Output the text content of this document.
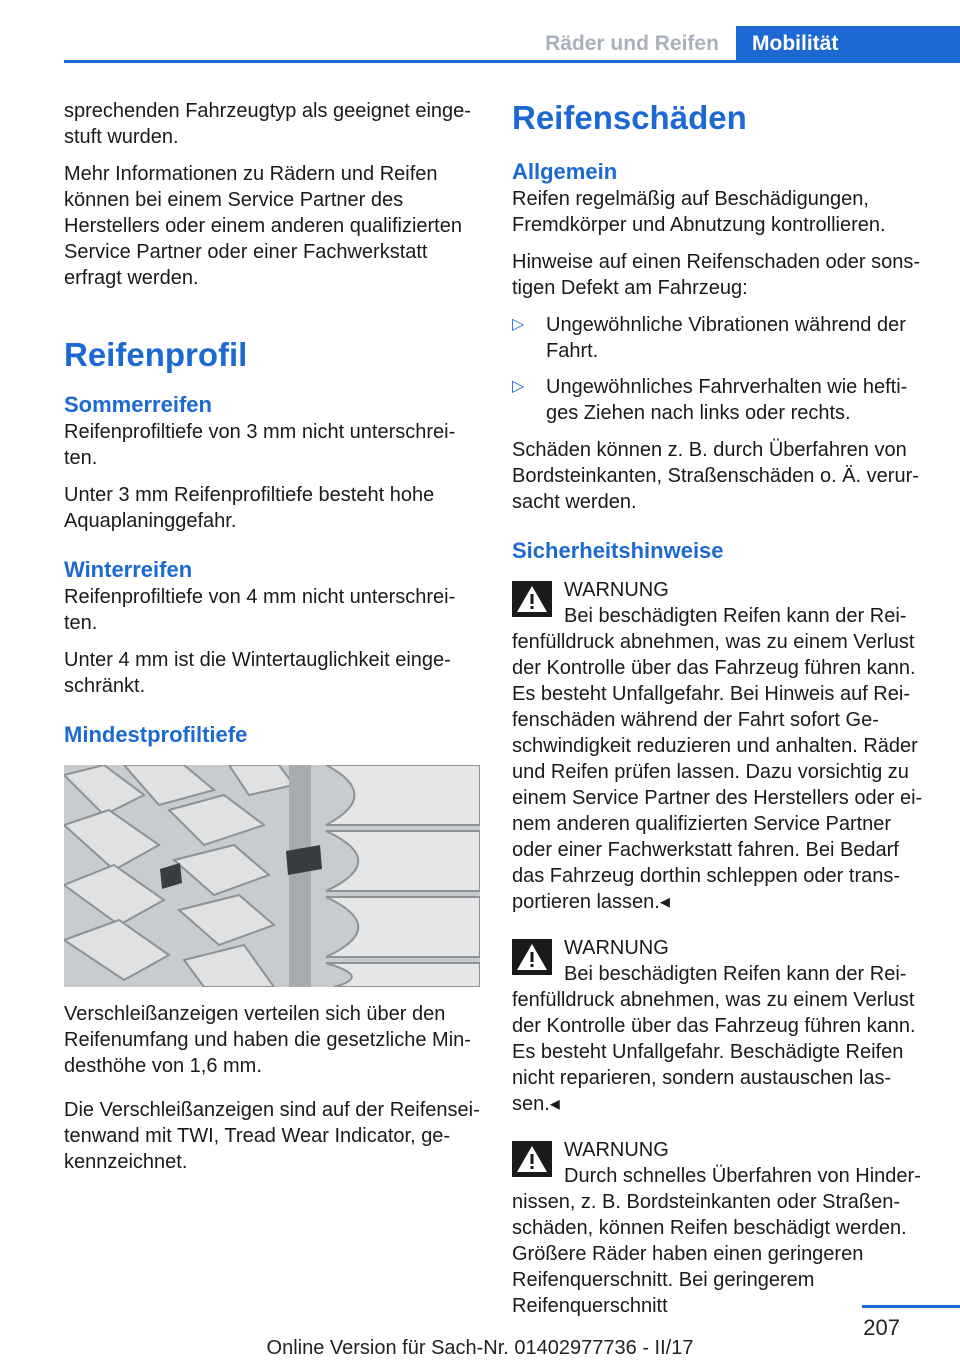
Räder und Reifen	Mobilität

sprechenden Fahrzeugtyp als geeignet eingestuft wurden.

Mehr Informationen zu Rädern und Reifen können bei einem Service Partner des Herstellers oder einem anderen qualifizierten Service Partner oder einer Fachwerkstatt erfragt werden.

Reifenprofil
Sommerreifen

Reifenprofiltiefe von 3 mm nicht unterschreiten.

Unter 3 mm Reifenprofiltiefe besteht hohe Aquaplaninggefahr.

Winterreifen

Reifenprofiltiefe von 4 mm nicht unterschreiten.

Unter 4 mm ist die Wintertauglichkeit eingeschränkt.

Mindestprofiltiefe

Verschleißanzeigen verteilen sich über den Reifenumfang und haben die gesetzliche Mindesthöhe von 1,6 mm.

Die Verschleißanzeigen sind auf der Reifenseitenwand mit TWI, Tread Wear Indicator, gekennzeichnet.

Reifenschäden
Allgemein

Reifen regelmäßig auf Beschädigungen, Fremdkörper und Abnutzung kontrollieren.

Hinweise auf einen Reifenschaden oder sonstigen Defekt am Fahrzeug:

▷ Ungewöhnliche Vibrationen während der Fahrt.
▷ Ungewöhnliches Fahrverhalten wie heftiges Ziehen nach links oder rechts.

Schäden können z. B. durch Überfahren von Bordsteinkanten, Straßenschäden o. Ä. verursacht werden.

Sicherheitshinweise
WARNUNG

Bei beschädigten Reifen kann der Reifenfülldruck abnehmen, was zu einem Verlust der Kontrolle über das Fahrzeug führen kann. Es besteht Unfallgefahr. Bei Hinweis auf Reifenschäden während der Fahrt sofort Geschwindigkeit reduzieren und anhalten. Räder und Reifen prüfen lassen. Dazu vorsichtig zu einem Service Partner des Herstellers oder einem anderen qualifizierten Service Partner oder einer Fachwerkstatt fahren. Bei Bedarf das Fahrzeug dorthin schleppen oder transportieren lassen.◂

WARNUNG

Bei beschädigten Reifen kann der Reifenfülldruck abnehmen, was zu einem Verlust der Kontrolle über das Fahrzeug führen kann. Es besteht Unfallgefahr. Beschädigte Reifen nicht reparieren, sondern austauschen lassen.◂

WARNUNG

Durch schnelles Überfahren von Hindernissen, z. B. Bordsteinkanten oder Straßenschäden, können Reifen beschädigt werden. Größere Räder haben einen geringeren Reifenquerschnitt. Bei geringerem Reifenquerschnitt

207
Online Version für Sach-Nr. 01402977736 - II/17
